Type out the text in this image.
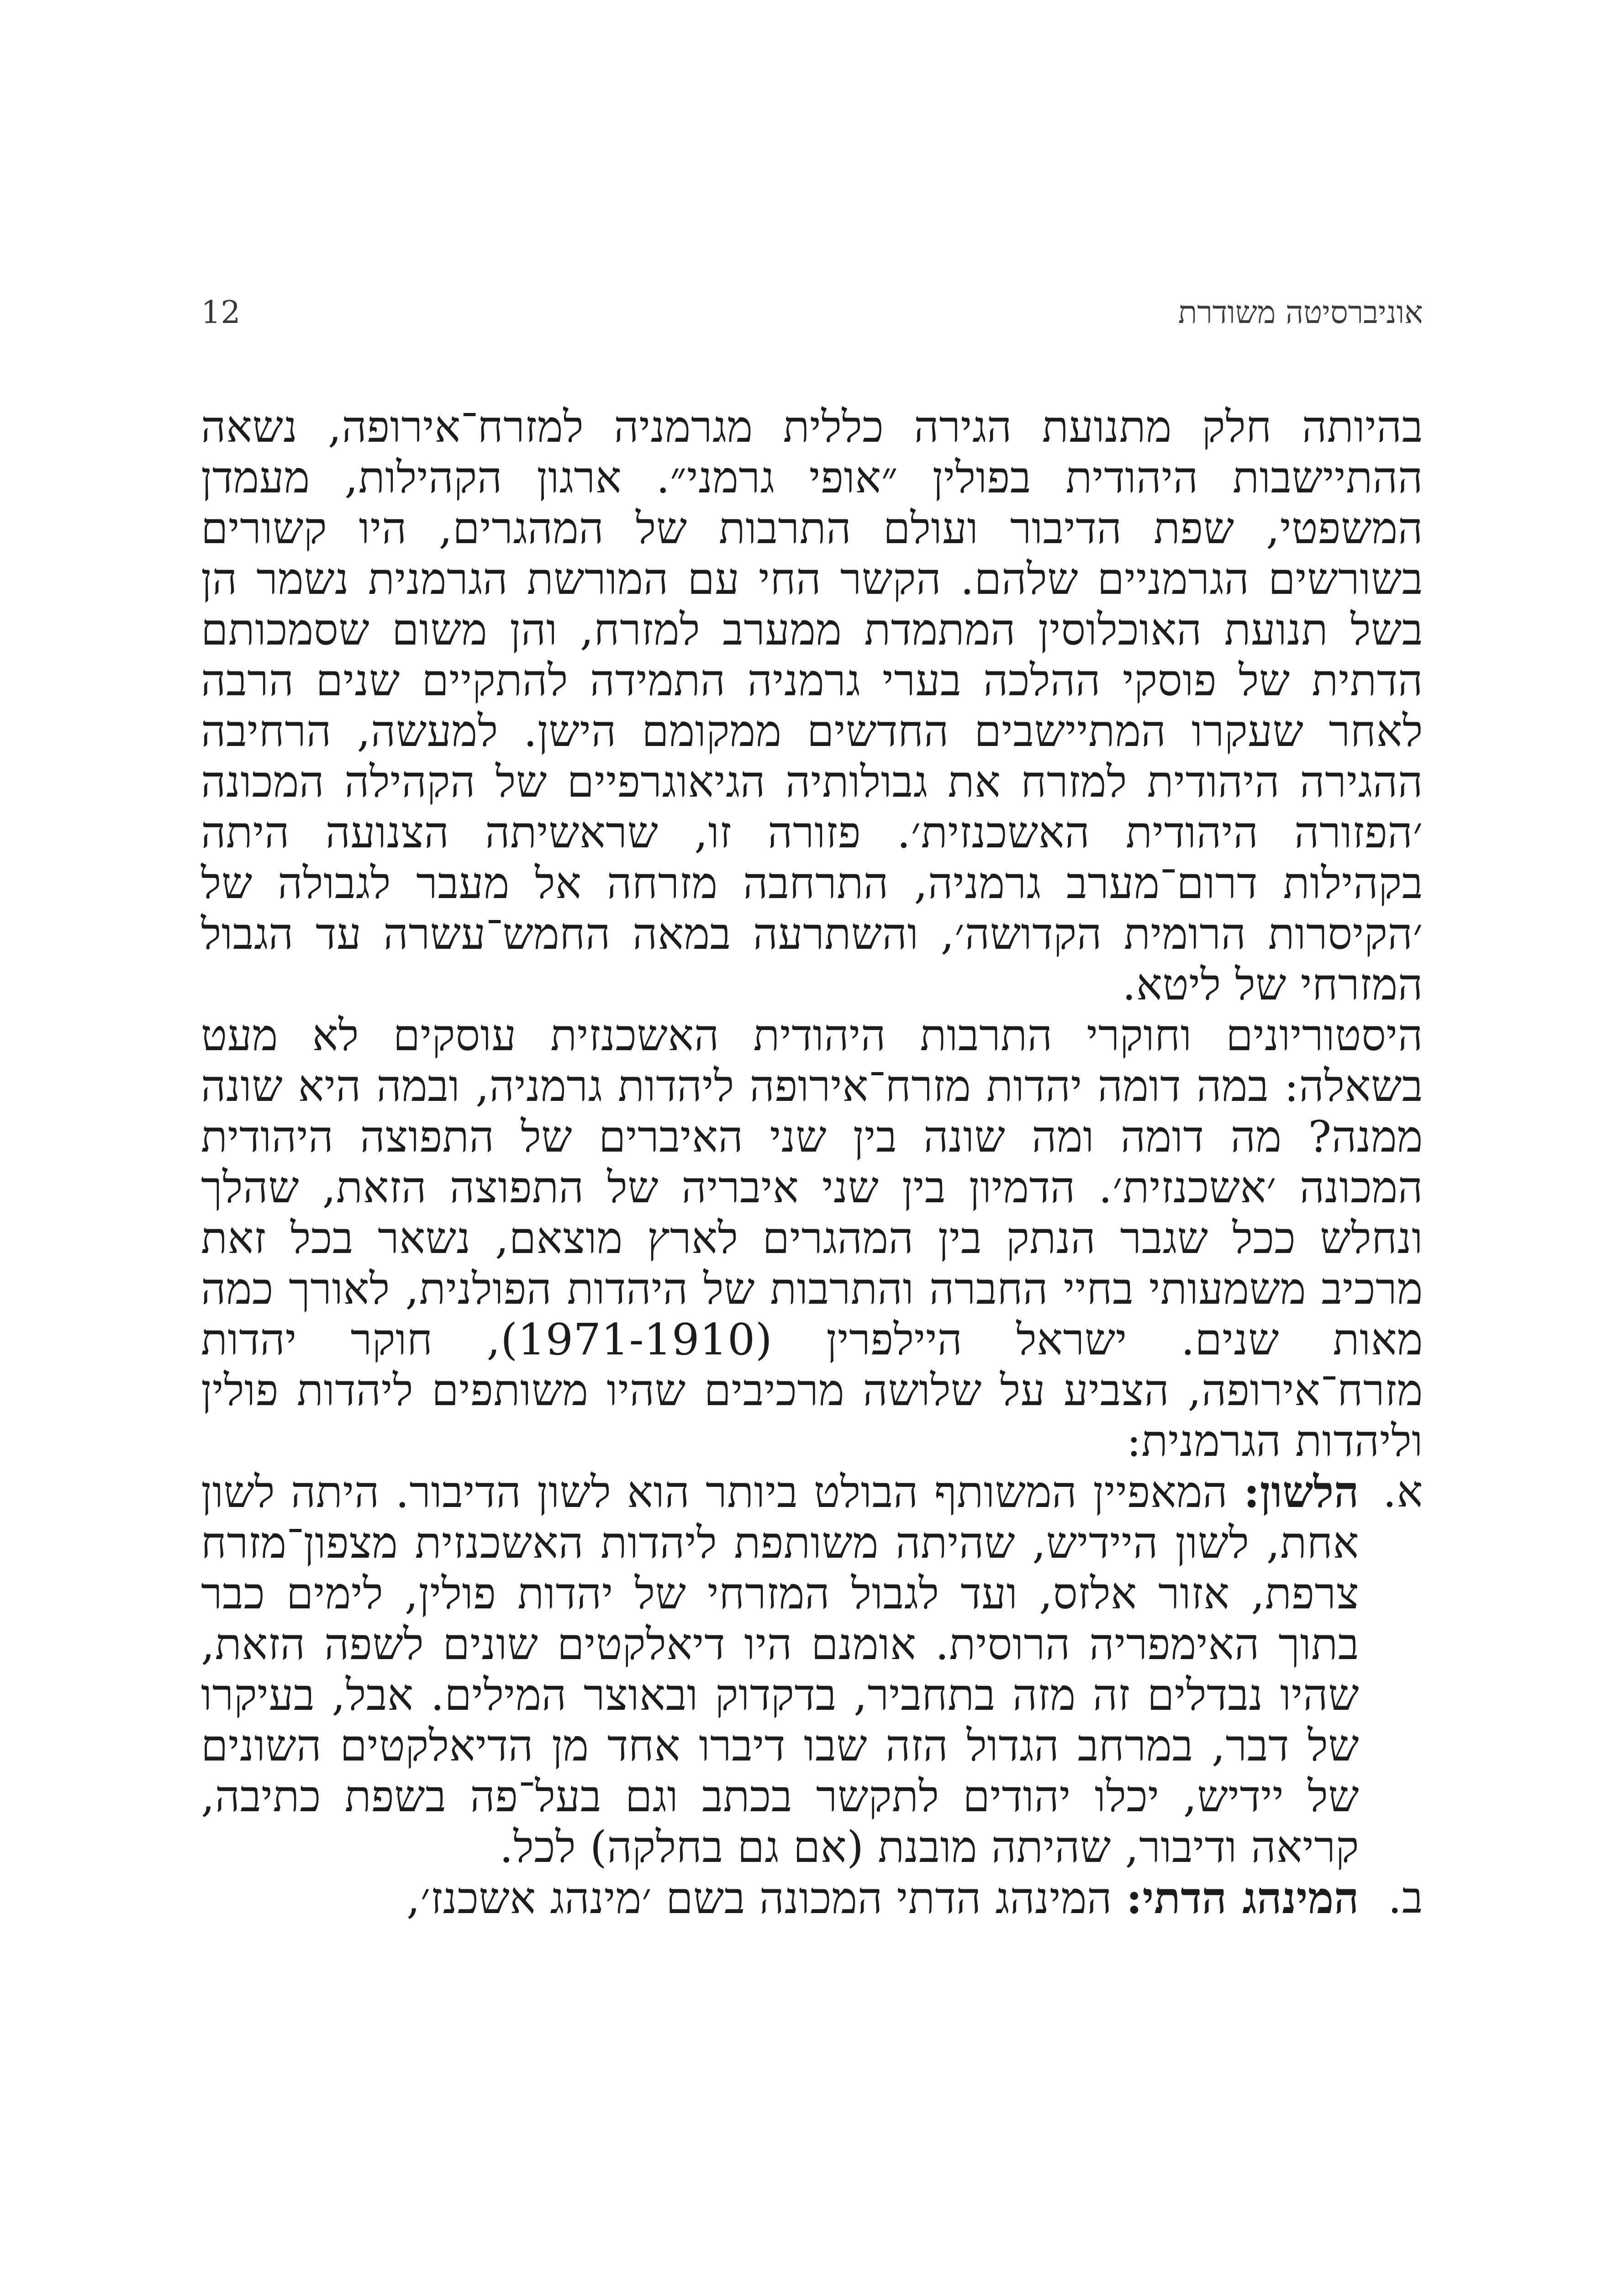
אוניברסיטה משודרת
12

בהיותה חלק מתנועת הגירה כללית מגרמניה למזרח־אירופה, נשאה ההתיישבות היהודית בפולין ״אופי גרמני״. ארגון הקהילות, מעמדן המשפטי, שפת הדיבור ועולם התרבות של המהגרים, היו קשורים בשורשים הגרמניים שלהם. הקשר החי עם המורשת הגרמנית נשמר הן בשל תנועת האוכלוסין המתמדת ממערב למזרח, והן משום שסמכותם הדתית של פוסקי ההלכה בערי גרמניה התמידה להתקיים שנים הרבה לאחר שעקרו המתיישבים החדשים ממקומם הישן. למעשה, הרחיבה ההגירה היהודית למזרח את גבולותיה הגיאוגרפיים של הקהילה המכונה ׳הפזורה היהודית האשכנזית׳. פזורה זו, שראשיתה הצנועה היתה בקהילות דרום־מערב גרמניה, התרחבה מזרחה אל מעבר לגבולה של ׳הקיסרות הרומית הקדושה׳, והשתרעה במאה החמש־עשרה עד הגבול המזרחי של ליטא.

היסטוריונים וחוקרי התרבות היהודית האשכנזית עוסקים לא מעט בשאלה: במה דומה יהדות מזרח־אירופה ליהדות גרמניה, ובמה היא שונה ממנה? מה דומה ומה שונה בין שני האיברים של התפוצה היהודית המכונה ׳אשכנזית׳. הדמיון בין שני איבריה של התפוצה הזאת, שהלך ונחלש ככל שגבר הנתק בין המהגרים לארץ מוצאם, נשאר בכל זאת מרכיב משמעותי בחיי החברה והתרבות של היהדות הפולנית, לאורך כמה מאות שנים. ישראל היילפרין (1971-1910), חוקר יהדות מזרח־אירופה, הצביע על שלושה מרכיבים שהיו משותפים ליהדות פולין וליהדות הגרמנית:

א.
הלשון: המאפיין המשותף הבולט ביותר הוא לשון הדיבור. היתה לשון אחת, לשון היידיש, שהיתה משותפת ליהדות האשכנזית מצפון־מזרח צרפת, אזור אלזס, ועד לגבול המזרחי של יהדות פולין, לימים כבר בתוך האימפריה הרוסית. אומנם היו דיאלקטים שונים לשפה הזאת, שהיו נבדלים זה מזה בתחביר, בדקדוק ובאוצר המילים. אבל, בעיקרו של דבר, במרחב הגדול הזה שבו דיברו אחד מן הדיאלקטים השונים של יידיש, יכלו יהודים לתקשר בכתב וגם בעל־פה בשפת כתיבה, קריאה ודיבור, שהיתה מובנת (אם גם בחלקה) לכל.

ב.
המינהג הדתי: המינהג הדתי המכונה בשם ׳מינהג אשכנז׳,
